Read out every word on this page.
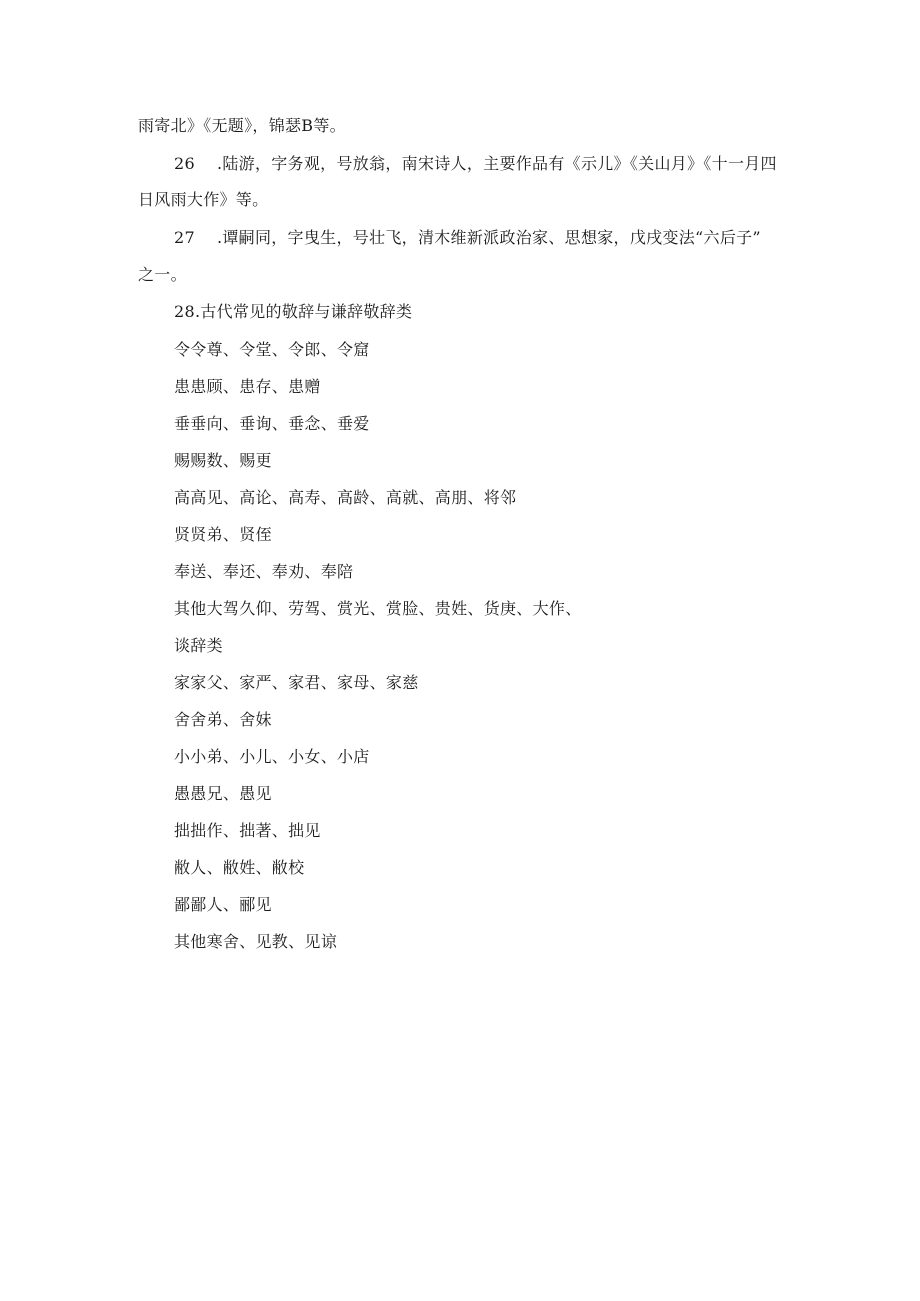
雨寄北》《无题》，锦瑟B等。
26 .陆游，字务观，号放翁，南宋诗人，主要作品有《示儿》《关山月》《十一月四
日风雨大作》等。
27 .谭嗣同，字曳生，号壮飞，清木维新派政治家、思想家，戊戌变法“六后子”
之一。
28.古代常见的敬辞与谦辞敬辞类
令令尊、令堂、令郎、令窟
患患顾、患存、患赠
垂垂向、垂询、垂念、垂爱
赐赐数、赐更
高高见、高论、高寿、高龄、高就、高朋、将邻
贤贤弟、贤侄
奉送、奉还、奉劝、奉陪
其他大驾久仰、劳驾、赏光、赏脸、贵姓、货庚、大作、
谈辞类
家家父、家严、家君、家母、家慈
舍舍弟、舍妹
小小弟、小儿、小女、小店
愚愚兄、愚见
拙拙作、拙著、拙见
敝人、敝姓、敝校
鄙鄙人、郦见
其他寒舍、见教、见谅
